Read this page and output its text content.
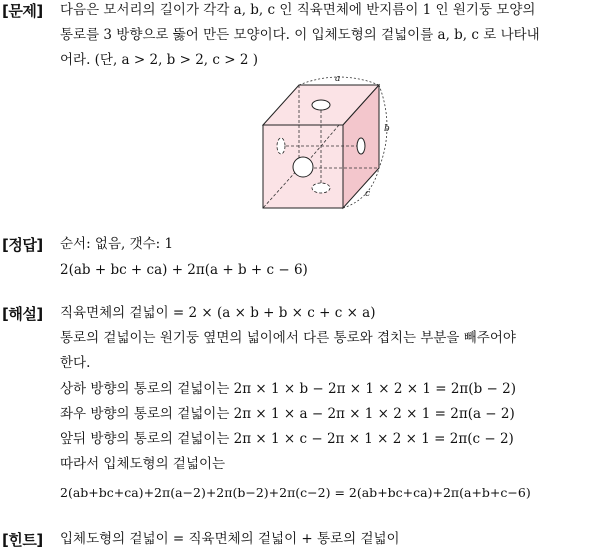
[문제] 다음은 모서리의 길이가 각각 a, b, c 인 직육면체에 반지름이 1 인 원기둥 모양의
통로를 3 방향으로 뚫어 만든 모양이다. 이 입체도형의 겉넓이를 a, b, c 로 나타내
어라. (단, a > 2, b > 2, c > 2 )
a
b
c
[정답] 순서: 없음, 갯수: 1
2(ab + bc + ca) + 2π(a + b + c − 6)
[해설] 직육면체의 겉넓이 = 2 × (a × b + b × c + c × a)
통로의 겉넓이는 원기둥 옆면의 넓이에서 다른 통로와 겹치는 부분을 빼주어야
한다.
상하 방향의 통로의 겉넓이는 2π × 1 × b − 2π × 1 × 2 × 1 = 2π(b − 2)
좌우 방향의 통로의 겉넓이는 2π × 1 × a − 2π × 1 × 2 × 1 = 2π(a − 2)
앞뒤 방향의 통로의 겉넓이는 2π × 1 × c − 2π × 1 × 2 × 1 = 2π(c − 2)
따라서 입체도형의 겉넓이는
2(ab+bc+ca)+2π(a−2)+2π(b−2)+2π(c−2) = 2(ab+bc+ca)+2π(a+b+c−6)
[힌트] 입체도형의 겉넓이 = 직육면체의 겉넓이 + 통로의 겉넓이
